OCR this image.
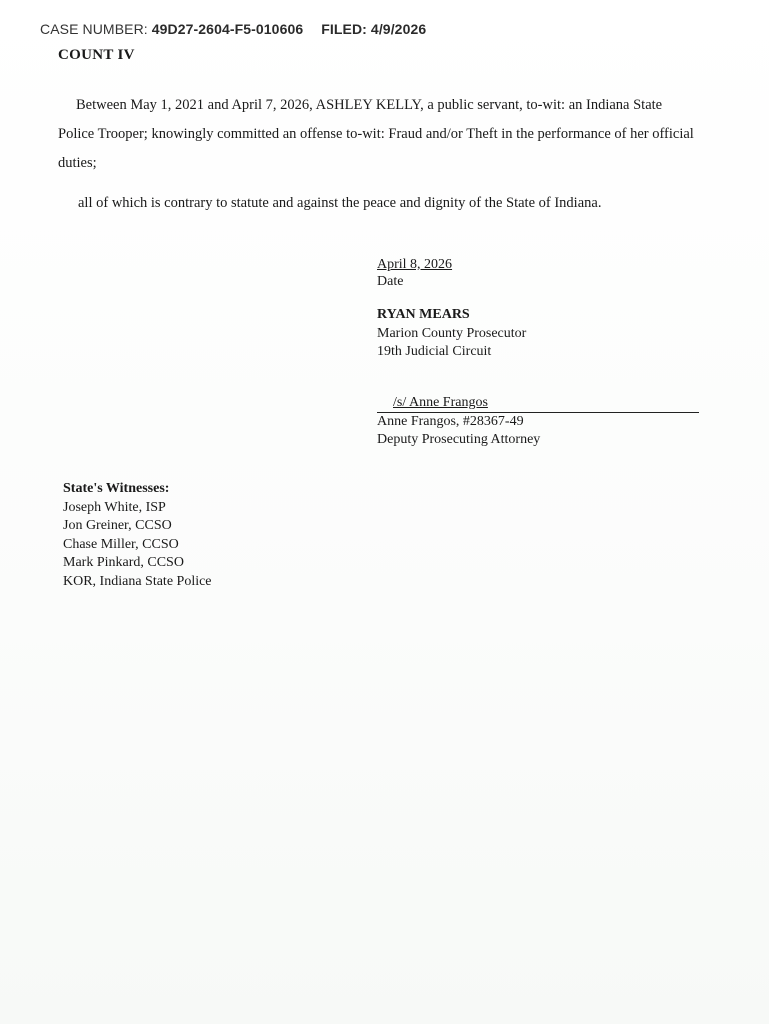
CASE NUMBER: 49D27-2604-F5-010606 FILED: 4/9/2026
COUNT IV
Between May 1, 2021 and April 7, 2026, ASHLEY KELLY, a public servant, to-wit: an Indiana State Police Trooper; knowingly committed an offense to-wit: Fraud and/or Theft in the performance of her official duties;
all of which is contrary to statute and against the peace and dignity of the State of Indiana.
April 8, 2026
Date
RYAN MEARS
Marion County Prosecutor
19th Judicial Circuit
/s/ Anne Frangos
Anne Frangos, #28367-49
Deputy Prosecuting Attorney
State's Witnesses:
Joseph White, ISP
Jon Greiner, CCSO
Chase Miller, CCSO
Mark Pinkard, CCSO
KOR, Indiana State Police
